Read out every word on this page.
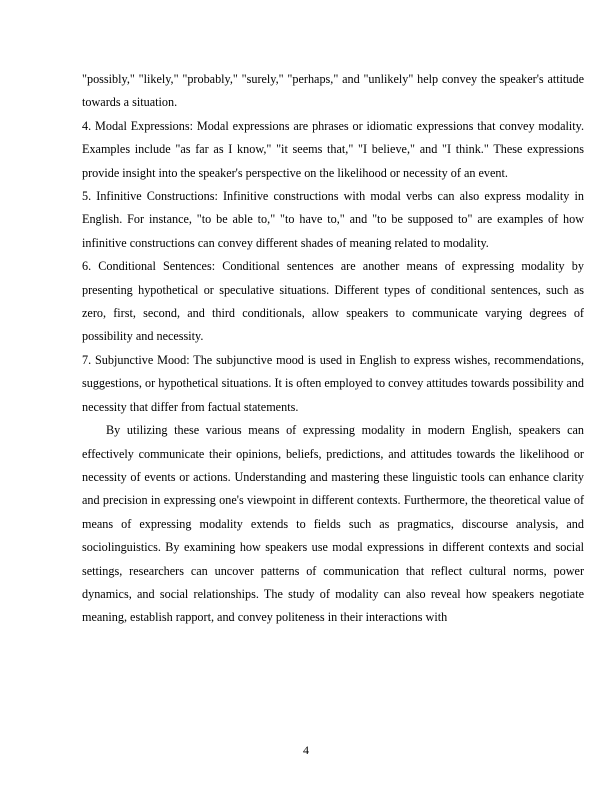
"possibly," "likely," "probably," "surely," "perhaps," and "unlikely" help convey the speaker's attitude towards a situation.

4. Modal Expressions: Modal expressions are phrases or idiomatic expressions that convey modality. Examples include "as far as I know," "it seems that," "I believe," and "I think." These expressions provide insight into the speaker's perspective on the likelihood or necessity of an event.

5. Infinitive Constructions: Infinitive constructions with modal verbs can also express modality in English. For instance, "to be able to," "to have to," and "to be supposed to" are examples of how infinitive constructions can convey different shades of meaning related to modality.

6. Conditional Sentences: Conditional sentences are another means of expressing modality by presenting hypothetical or speculative situations. Different types of conditional sentences, such as zero, first, second, and third conditionals, allow speakers to communicate varying degrees of possibility and necessity.

7. Subjunctive Mood: The subjunctive mood is used in English to express wishes, recommendations, suggestions, or hypothetical situations. It is often employed to convey attitudes towards possibility and necessity that differ from factual statements.

By utilizing these various means of expressing modality in modern English, speakers can effectively communicate their opinions, beliefs, predictions, and attitudes towards the likelihood or necessity of events or actions. Understanding and mastering these linguistic tools can enhance clarity and precision in expressing one's viewpoint in different contexts. Furthermore, the theoretical value of means of expressing modality extends to fields such as pragmatics, discourse analysis, and sociolinguistics. By examining how speakers use modal expressions in different contexts and social settings, researchers can uncover patterns of communication that reflect cultural norms, power dynamics, and social relationships. The study of modality can also reveal how speakers negotiate meaning, establish rapport, and convey politeness in their interactions with

4
